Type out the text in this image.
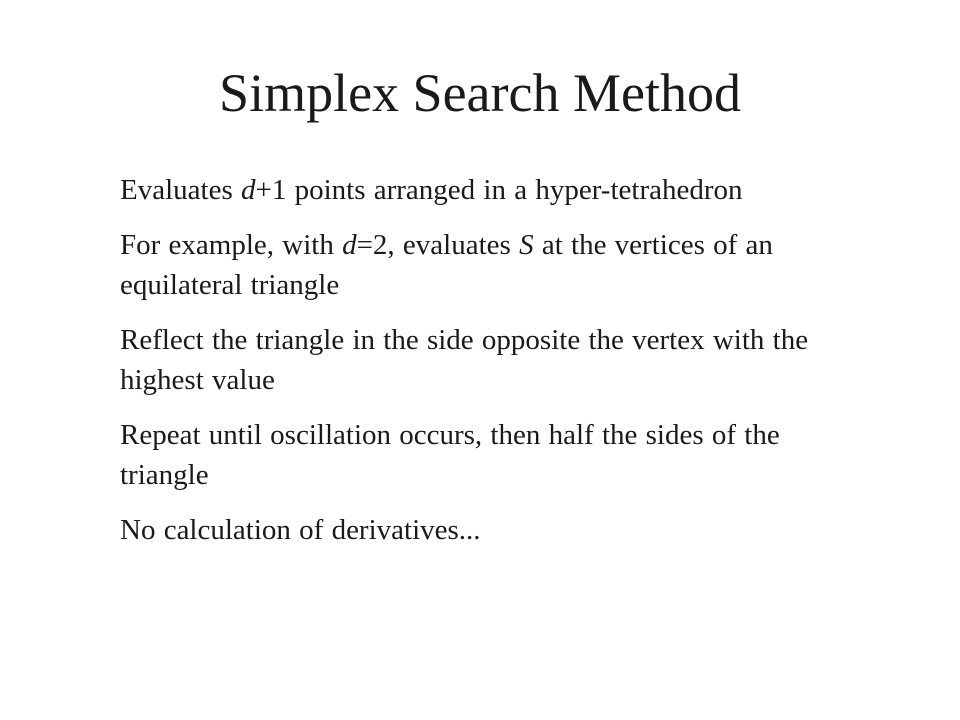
Simplex Search Method
Evaluates d+1 points arranged in a hyper-tetrahedron
For example, with d=2, evaluates S at the vertices of an equilateral triangle
Reflect the triangle in the side opposite the vertex with the highest value
Repeat until oscillation occurs, then half the sides of the triangle
No calculation of derivatives...
